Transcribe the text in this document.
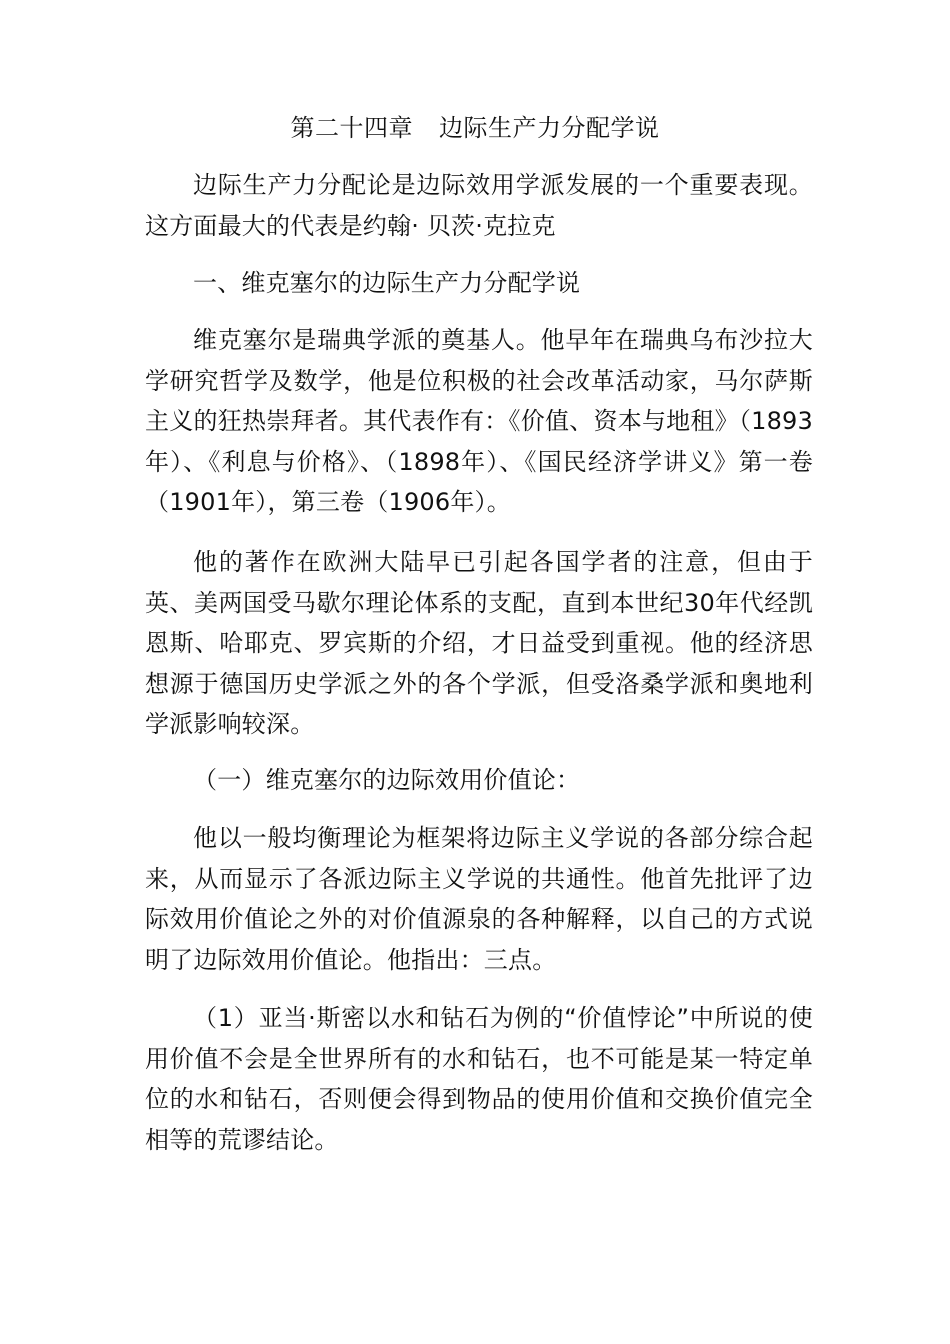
第二十四章 边际生产力分配学说

边际生产力分配论是边际效用学派发展的一个重要表现。这方面最大的代表是约翰· 贝茨·克拉克

一、维克塞尔的边际生产力分配学说

维克塞尔是瑞典学派的奠基人。他早年在瑞典乌布沙拉大学研究哲学及数学，他是位积极的社会改革活动家，马尔萨斯主义的狂热崇拜者。其代表作有：《价值、资本与地租》（1893年）、《利息与价格》、（1898年）、《国民经济学讲义》第一卷（1901年），第三卷（1906年）。

他的著作在欧洲大陆早已引起各国学者的注意，但由于英、美两国受马歇尔理论体系的支配，直到本世纪30年代经凯恩斯、哈耶克、罗宾斯的介绍，才日益受到重视。他的经济思想源于德国历史学派之外的各个学派，但受洛桑学派和奥地利学派影响较深。

（一）维克塞尔的边际效用价值论：

他以一般均衡理论为框架将边际主义学说的各部分综合起来，从而显示了各派边际主义学说的共通性。他首先批评了边际效用价值论之外的对价值源泉的各种解释，以自己的方式说明了边际效用价值论。他指出：三点。

（1）亚当·斯密以水和钻石为例的“价值悖论”中所说的使用价值不会是全世界所有的水和钻石，也不可能是某一特定单位的水和钻石，否则便会得到物品的使用价值和交换价值完全相等的荒谬结论。
